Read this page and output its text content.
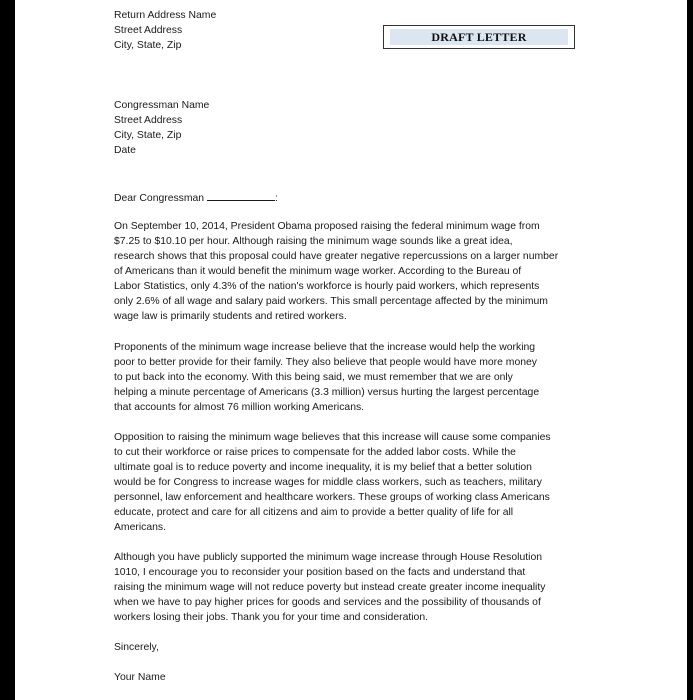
Return Address Name
Street Address
City, State, Zip
DRAFT LETTER
Congressman Name
Street Address
City, State, Zip
Date
Dear Congressman	:
On September 10, 2014, President Obama proposed raising the federal minimum wage from
$7.25 to $10.10 per hour. Although raising the minimum wage sounds like a great idea,
research shows that this proposal could have greater negative repercussions on a larger number
of Americans than it would benefit the minimum wage worker. According to the Bureau of
Labor Statistics, only 4.3% of the nation's workforce is hourly paid workers, which represents
only 2.6% of all wage and salary paid workers. This small percentage affected by the minimum
wage law is primarily students and retired workers.
Proponents of the minimum wage increase believe that the increase would help the working
poor to better provide for their family. They also believe that people would have more money
to put back into the economy. With this being said, we must remember that we are only
helping a minute percentage of Americans (3.3 million) versus hurting the largest percentage
that accounts for almost 76 million working Americans.
Opposition to raising the minimum wage believes that this increase will cause some companies
to cut their workforce or raise prices to compensate for the added labor costs. While the
ultimate goal is to reduce poverty and income inequality, it is my belief that a better solution
would be for Congress to increase wages for middle class workers, such as teachers, military
personnel, law enforcement and healthcare workers. These groups of working class Americans
educate, protect and care for all citizens and aim to provide a better quality of life for all
Americans.
Although you have publicly supported the minimum wage increase through House Resolution
1010, I encourage you to reconsider your position based on the facts and understand that
raising the minimum wage will not reduce poverty but instead create greater income inequality
when we have to pay higher prices for goods and services and the possibility of thousands of
workers losing their jobs. Thank you for your time and consideration.
Sincerely,
Your Name
